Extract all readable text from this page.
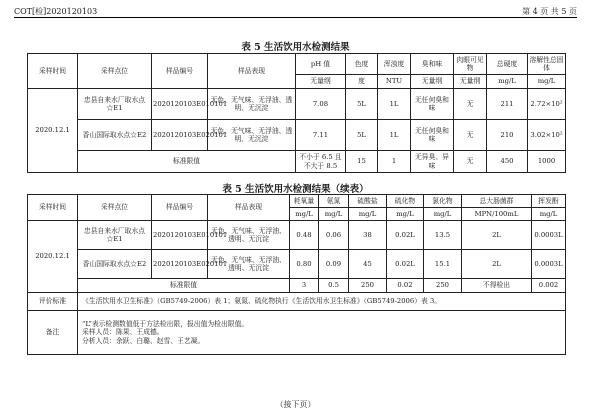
COT[检]2020120103	第 4 页 共 5 页
表 5 生活饮用水检测结果
采样时间	采样点位	样品编号	样品表现	pH 值	色度	浑浊度	臭和味	肉眼可见物	总硬度	溶解性总固体
				无量纲	度	NTU	无量纲	无量纲	mg/L	mg/L
2020.12.1	忠县自来水厂取水点☆E1	2020120103E010101	无色、无气味、无浮油、透明、无沉淀	7.08	5L	1L	无任何臭和味	无	211	2.72×10²
	香山国际取水点☆E2	2020120103E020101	无色、无气味、无浮油、透明、无沉淀	7.11	5L	1L	无任何臭和味	无	210	3.02×10²
	标准限值			不小于 6.5 且不大于 8.5	15	1	无异臭、异味	无	450	1000
表 5 生活饮用水检测结果（续表）
采样时间	采样点位	样品编号	样品表现	耗氧量	氨氮	硫酸盐	硫化物	氯化物	总大肠菌群	挥发酚
				mg/L	mg/L	mg/L	mg/L	mg/L	MPN/100mL	mg/L
2020.12.1	忠县自来水厂取水点☆E1	2020120103E010101	无色、无气味、无浮油、透明、无沉淀	0.48	0.06	38	0.02L	13.5	2L	0.0003L
	香山国际取水点☆E2	2020120103E020101	无色、无气味、无浮油、透明、无沉淀	0.80	0.09	45	0.02L	15.1	2L	0.0003L
	标准限值			3	0.5	250	0.02	250	不得检出	0.002
评价标准	《生活饮用水卫生标准》（GB5749-2006）表 1；氨氮、硫化物执行《生活饮用水卫生标准》（GB5749-2006）表 3。									
备注	“L”表示检测数值低于方法检出限，报出值为检出限值。
采样人员：陈果、王成德。
分析人员：余跃、白璐、赵雪、王艺凝。									
（接下页）
